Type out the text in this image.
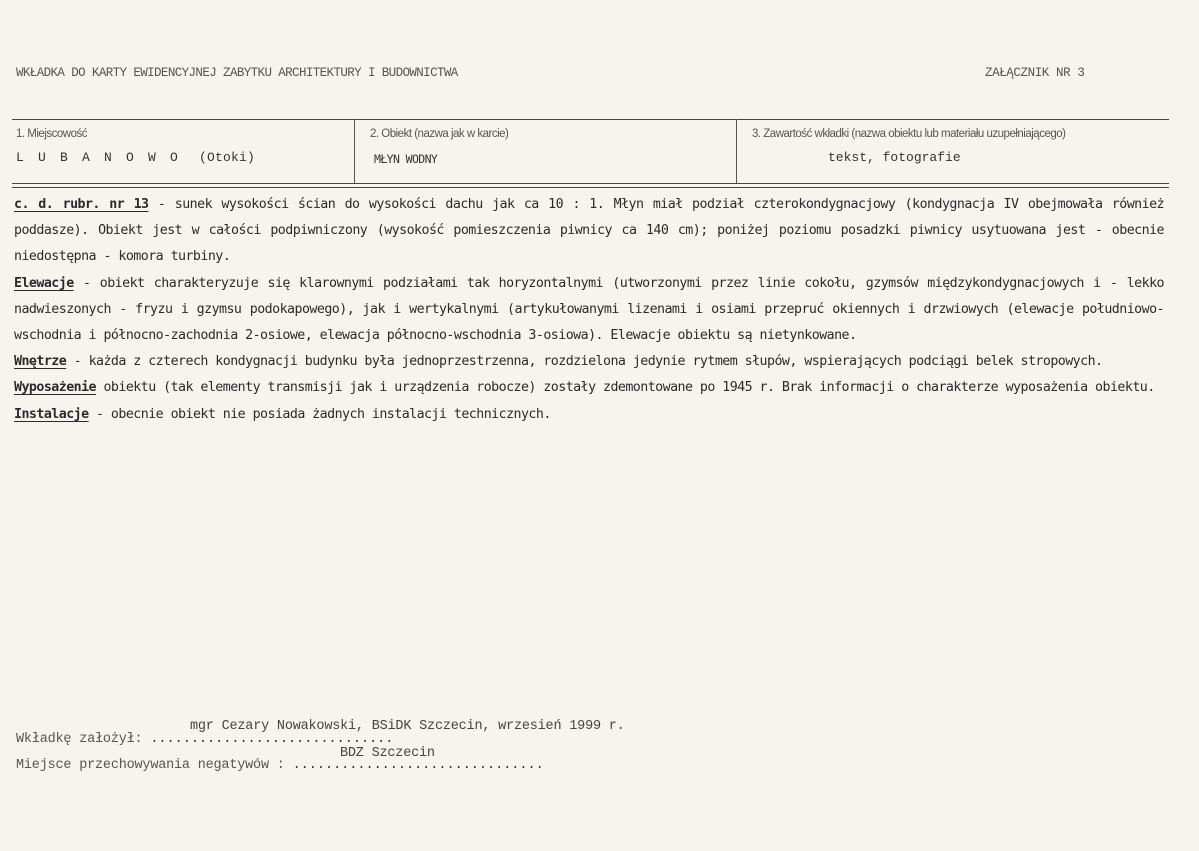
WKŁADKA DO KARTY EWIDENCYJNEJ ZABYTKU ARCHITEKTURY I BUDOWNICTWA	ZAŁĄCZNIK NR 3
1. Miejscowość
L U B A N O W O (Otoki)
2. Obiekt (nazwa jak w karcie)
MŁYN WODNY
3. Zawartość wkładki (nazwa obiektu lub materiału uzupełniającego)
tekst, fotografie

c. d. rubr. nr 13 - sunek wysokości ścian do wysokości dachu jak ca 10 : 1. Młyn miał podział czterokondygnacjowy (kondygnacja IV obejmowała również poddasze). Obiekt jest w całości podpiwniczony (wysokość pomieszczenia piwnicy ca 140 cm); poniżej poziomu posadzki piwnicy usytuowana jest - obecnie niedostępna - komora turbiny.

Elewacje - obiekt charakteryzuje się klarownymi podziałami tak horyzontalnymi (utworzonymi przez linie cokołu, gzymsów międzykondygnacjowych i - lekko nadwieszonych - fryzu i gzymsu podokapowego), jak i wertykalnymi (artykułowanymi lizenami i osiami przepruć okiennych i drzwiowych (elewacje południowo-wschodnia i północno-zachodnia 2-osiowe, elewacja północno-wschodnia 3-osiowa). Elewacje obiektu są nietynkowane.

Wnętrze - każda z czterech kondygnacji budynku była jednoprzestrzenna, rozdzielona jedynie rytmem słupów, wspierających podciągi belek stropowych.

Wyposażenie obiektu (tak elementy transmisji jak i urządzenia robocze) zostały zdemontowane po 1945 r. Brak informacji o charakterze wyposażenia obiektu.

Instalacje - obecnie obiekt nie posiada żadnych instalacji technicznych.

mgr Cezary Nowakowski, BSiDK Szczecin, wrzesień 1999 r.
Wkładkę założył: ..............................
BDZ Szczecin
Miejsce przechowywania negatywów : ...............................
